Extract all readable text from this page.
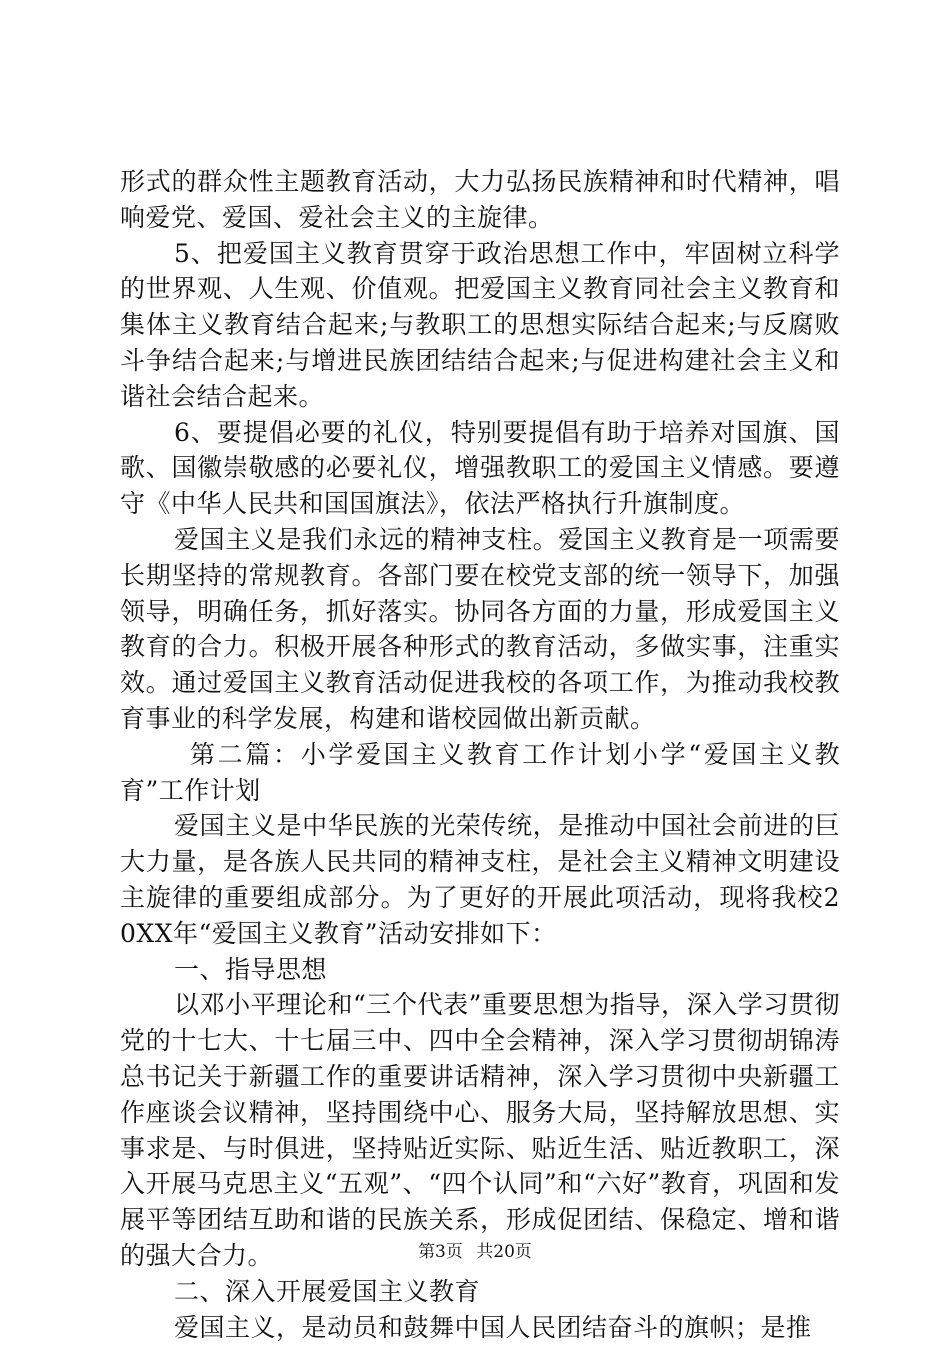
形式的群众性主题教育活动，大力弘扬民族精神和时代精神，唱响爱党、爱国、爱社会主义的主旋律。

5、把爱国主义教育贯穿于政治思想工作中，牢固树立科学的世界观、人生观、价值观。把爱国主义教育同社会主义教育和集体主义教育结合起来;与教职工的思想实际结合起来;与反腐败斗争结合起来;与增进民族团结结合起来;与促进构建社会主义和谐社会结合起来。

6、要提倡必要的礼仪，特别要提倡有助于培养对国旗、国歌、国徽崇敬感的必要礼仪，增强教职工的爱国主义情感。要遵守《中华人民共和国国旗法》，依法严格执行升旗制度。

爱国主义是我们永远的精神支柱。爱国主义教育是一项需要长期坚持的常规教育。各部门要在校党支部的统一领导下，加强领导，明确任务，抓好落实。协同各方面的力量，形成爱国主义教育的合力。积极开展各种形式的教育活动，多做实事，注重实效。通过爱国主义教育活动促进我校的各项工作，为推动我校教育事业的科学发展，构建和谐校园做出新贡献。

第二篇：小学爱国主义教育工作计划小学“爱国主义教育”工作计划

爱国主义是中华民族的光荣传统，是推动中国社会前进的巨大力量，是各族人民共同的精神支柱，是社会主义精神文明建设主旋律的重要组成部分。为了更好的开展此项活动，现将我校20XX年“爱国主义教育”活动安排如下：

一、指导思想

以邓小平理论和“三个代表”重要思想为指导，深入学习贯彻党的十七大、十七届三中、四中全会精神，深入学习贯彻胡锦涛总书记关于新疆工作的重要讲话精神，深入学习贯彻中央新疆工作座谈会议精神，坚持围绕中心、服务大局，坚持解放思想、实事求是、与时俱进，坚持贴近实际、贴近生活、贴近教职工，深入开展马克思主义“五观”、“四个认同”和“六好”教育，巩固和发展平等团结互助和谐的民族关系，形成促团结、保稳定、增和谐的强大合力。

二、深入开展爱国主义教育

爱国主义，是动员和鼓舞中国人民团结奋斗的旗帜；是推

第3页 共20页
